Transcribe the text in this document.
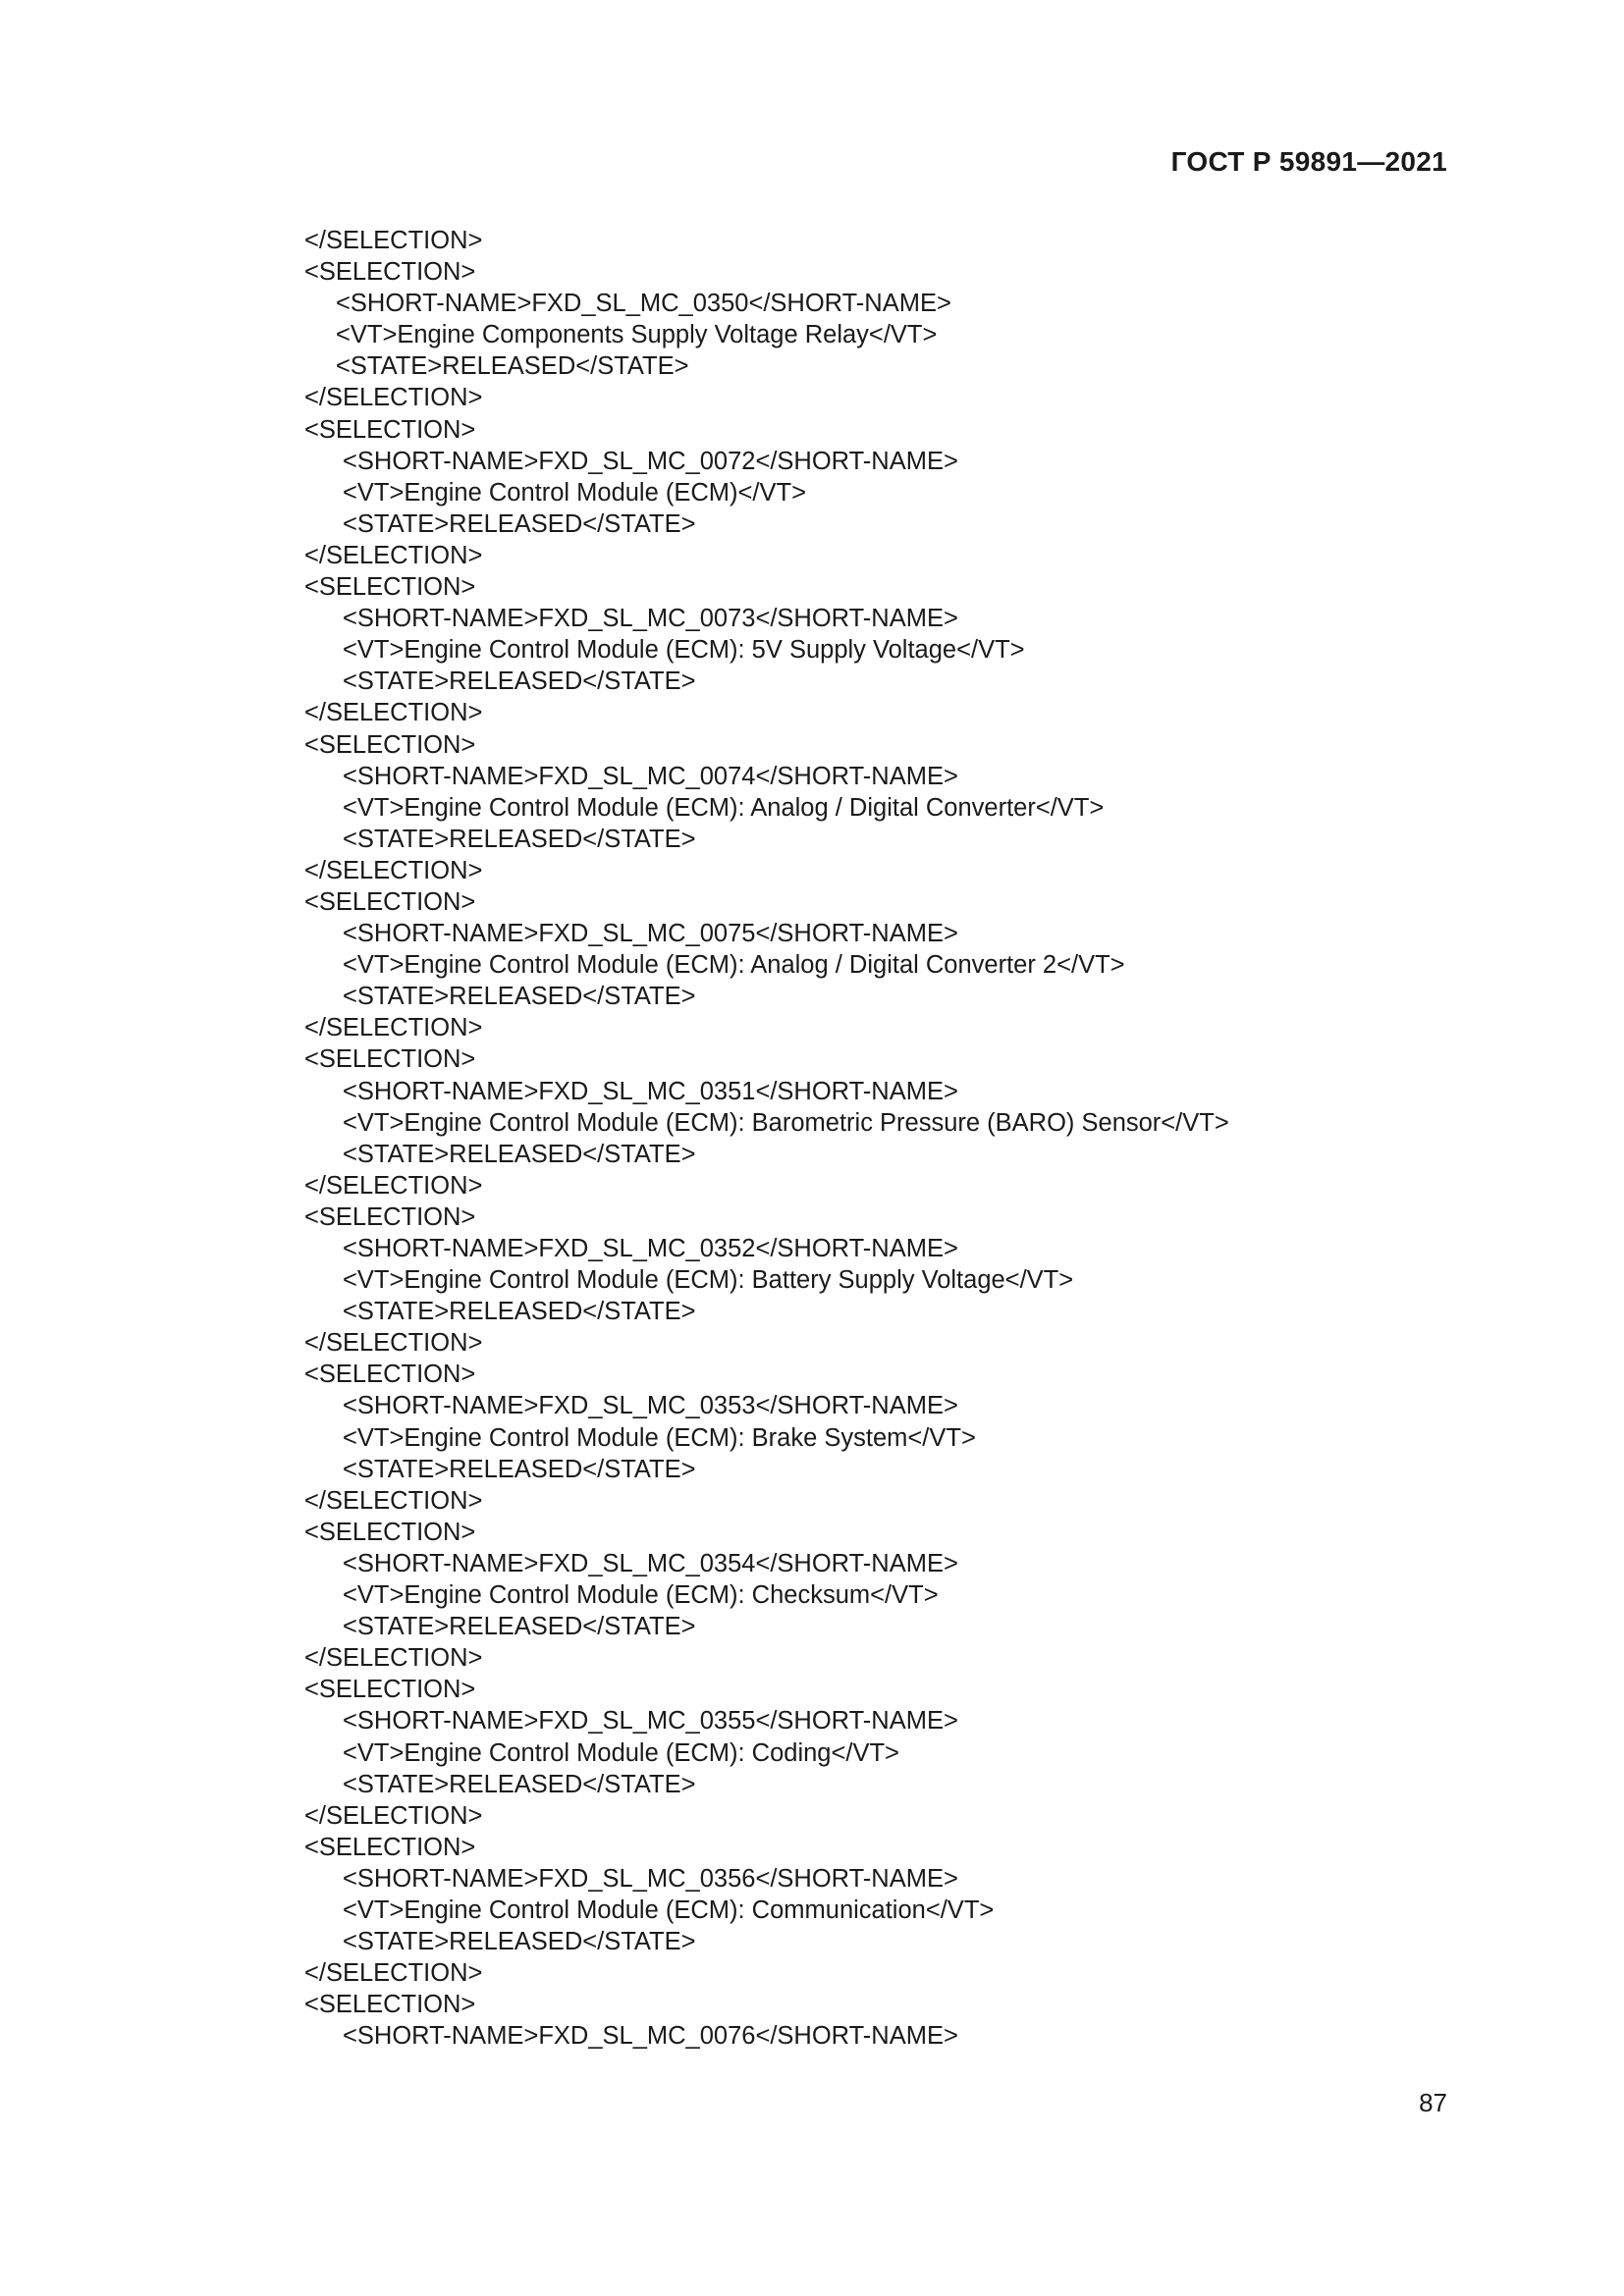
ГОСТ Р 59891—2021
</SELECTION>
<SELECTION>
<SHORT-NAME>FXD_SL_MC_0350</SHORT-NAME>
<VT>Engine Components Supply Voltage Relay</VT>
<STATE>RELEASED</STATE>
</SELECTION>
<SELECTION>
<SHORT-NAME>FXD_SL_MC_0072</SHORT-NAME>
<VT>Engine Control Module (ECM)</VT>
<STATE>RELEASED</STATE>
</SELECTION>
<SELECTION>
<SHORT-NAME>FXD_SL_MC_0073</SHORT-NAME>
<VT>Engine Control Module (ECM): 5V Supply Voltage</VT>
<STATE>RELEASED</STATE>
</SELECTION>
<SELECTION>
<SHORT-NAME>FXD_SL_MC_0074</SHORT-NAME>
<VT>Engine Control Module (ECM): Analog / Digital Converter</VT>
<STATE>RELEASED</STATE>
</SELECTION>
<SELECTION>
<SHORT-NAME>FXD_SL_MC_0075</SHORT-NAME>
<VT>Engine Control Module (ECM): Analog / Digital Converter 2</VT>
<STATE>RELEASED</STATE>
</SELECTION>
<SELECTION>
<SHORT-NAME>FXD_SL_MC_0351</SHORT-NAME>
<VT>Engine Control Module (ECM): Barometric Pressure (BARO) Sensor</VT>
<STATE>RELEASED</STATE>
</SELECTION>
<SELECTION>
<SHORT-NAME>FXD_SL_MC_0352</SHORT-NAME>
<VT>Engine Control Module (ECM): Battery Supply Voltage</VT>
<STATE>RELEASED</STATE>
</SELECTION>
<SELECTION>
<SHORT-NAME>FXD_SL_MC_0353</SHORT-NAME>
<VT>Engine Control Module (ECM): Brake System</VT>
<STATE>RELEASED</STATE>
</SELECTION>
<SELECTION>
<SHORT-NAME>FXD_SL_MC_0354</SHORT-NAME>
<VT>Engine Control Module (ECM): Checksum</VT>
<STATE>RELEASED</STATE>
</SELECTION>
<SELECTION>
<SHORT-NAME>FXD_SL_MC_0355</SHORT-NAME>
<VT>Engine Control Module (ECM): Coding</VT>
<STATE>RELEASED</STATE>
</SELECTION>
<SELECTION>
<SHORT-NAME>FXD_SL_MC_0356</SHORT-NAME>
<VT>Engine Control Module (ECM): Communication</VT>
<STATE>RELEASED</STATE>
</SELECTION>
<SELECTION>
<SHORT-NAME>FXD_SL_MC_0076</SHORT-NAME>
87
